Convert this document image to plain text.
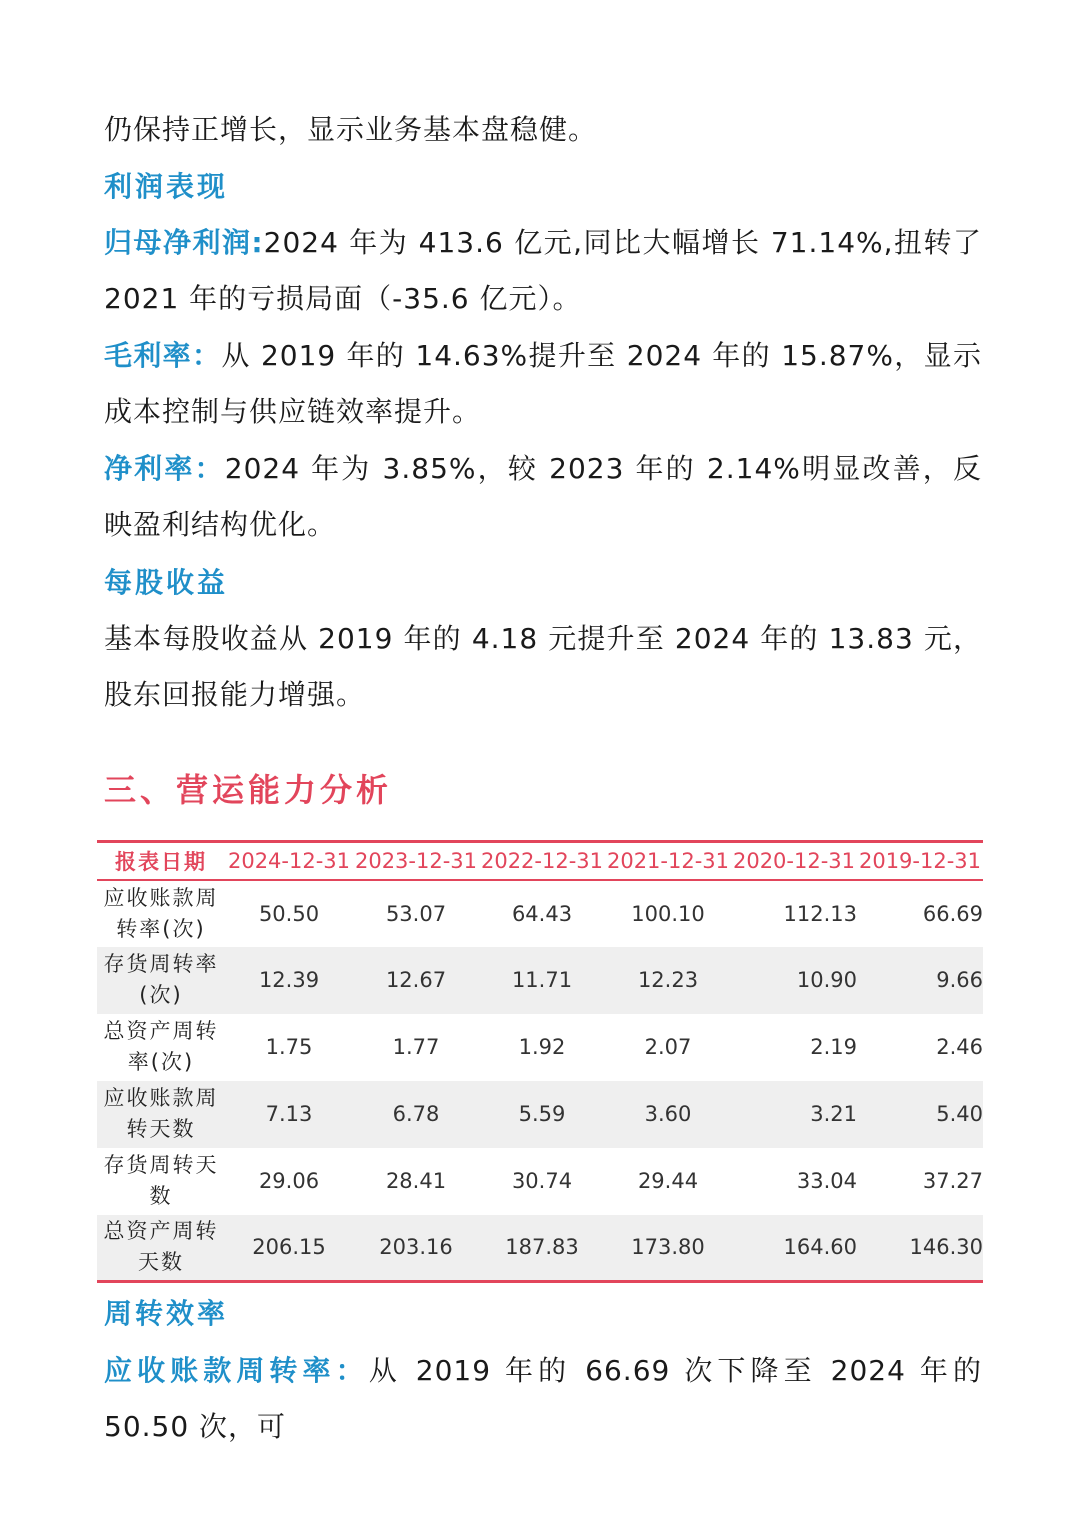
仍保持正增长，显示业务基本盘稳健。

利润表现

归母净利润:2024 年为 413.6 亿元,同比大幅增长 71.14%,扭转了 2021 年的亏损局面（-35.6 亿元）。

毛利率：从 2019 年的 14.63%提升至 2024 年的 15.87%，显示成本控制与供应链效率提升。

净利率：2024 年为 3.85%，较 2023 年的 2.14%明显改善，反映盈利结构优化。

每股收益

基本每股收益从 2019 年的 4.18 元提升至 2024 年的 13.83 元，股东回报能力增强。

三、营运能力分析
报表日期	2024-12-31	2023-12-31	2022-12-31	2021-12-31	2020-12-31	2019-12-31
应收账款周转率(次)	50.50	53.07	64.43	100.10	112.13	66.69
存货周转率(次)	12.39	12.67	11.71	12.23	10.90	9.66
总资产周转率(次)	1.75	1.77	1.92	2.07	2.19	2.46
应收账款周转天数	7.13	6.78	5.59	3.60	3.21	5.40
存货周转天数	29.06	28.41	30.74	29.44	33.04	37.27
总资产周转天数	206.15	203.16	187.83	173.80	164.60	146.30
周转效率

应收账款周转率：从 2019 年的 66.69 次下降至 2024 年的 50.50 次，可
